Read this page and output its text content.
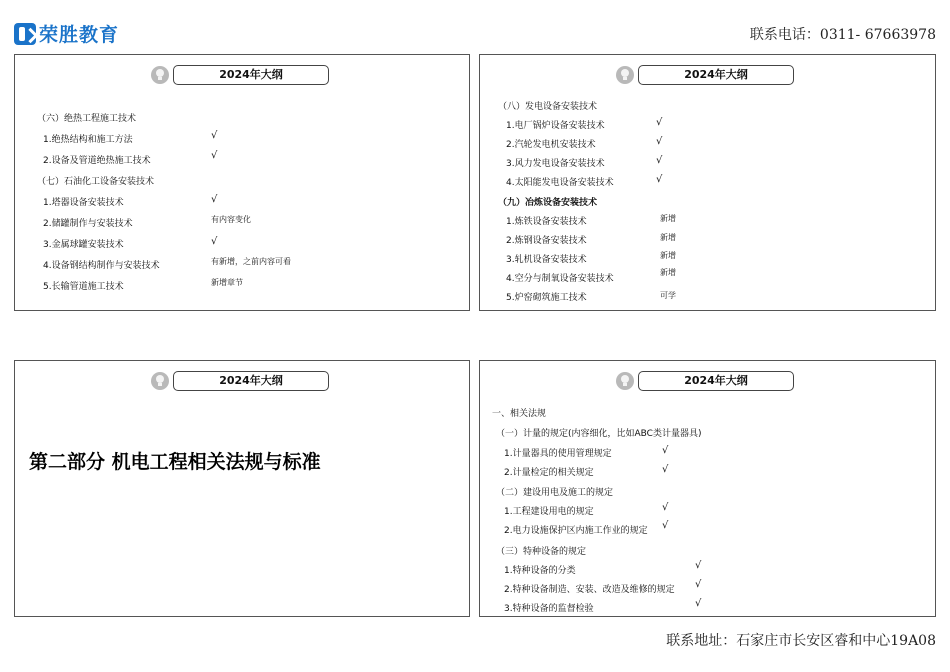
荣胜教育	联系电话：0311- 67663978
2024年大纲
（六）绝热工程施工技术
1.绝热结构和施工方法
2.设备及管道绝热施工技术
（七）石油化工设备安装技术
1.塔器设备安装技术
2.储罐制作与安装技术
3.金属球罐安装技术
4.设备钢结构制作与安装技术
5.长输管道施工技术
√
√
√
有内容变化
√
有新增，之前内容可看
新增章节
2024年大纲
（八）发电设备安装技术
1.电厂锅炉设备安装技术
2.汽轮发电机安装技术
3.风力发电设备安装技术
4.太阳能发电设备安装技术
（九）冶炼设备安装技术
1.炼铁设备安装技术
2.炼钢设备安装技术
3.轧机设备安装技术
4.空分与制氧设备安装技术
5.炉窑砌筑施工技术
√
√
√
√
新增
新增
新增
新增
可学
2024年大纲
第二部分 机电工程相关法规与标准
2024年大纲
一、相关法规
（一）计量的规定(内容细化，比如ABC类计量器具)
1.计量器具的使用管理规定
2.计量检定的相关规定
（二）建设用电及施工的规定
1.工程建设用电的规定
2.电力设施保护区内施工作业的规定
（三）特种设备的规定
1.特种设备的分类
2.特种设备制造、安装、改造及维修的规定
3.特种设备的监督检验
√
√
√
√
√
√
√
联系地址：石家庄市长安区睿和中心19A08
